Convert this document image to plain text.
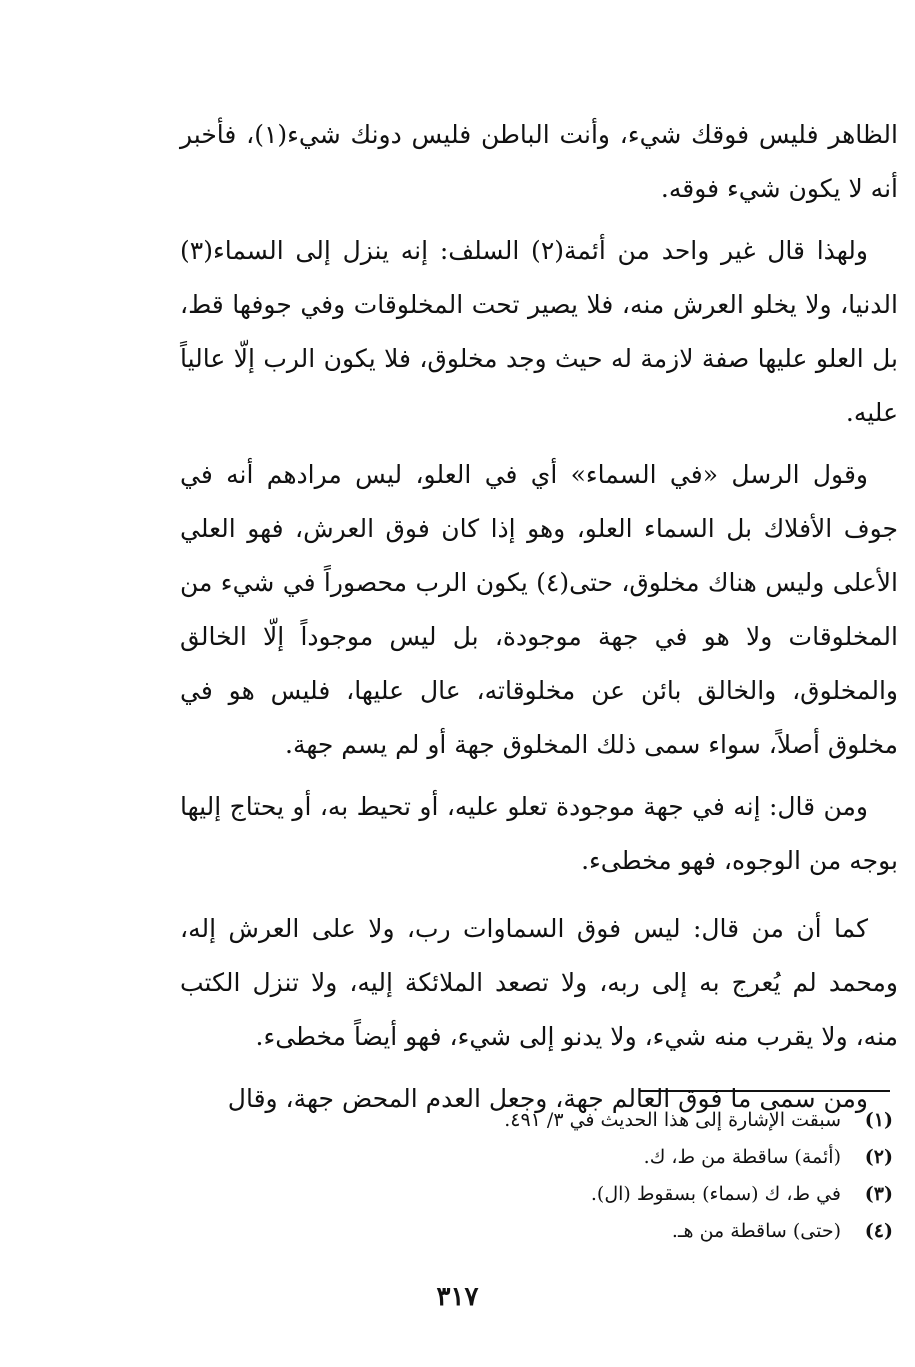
الظاهر فليس فوقك شيء، وأنت الباطن فليس دونك شيء(١)، فأخبر أنه لا يكون شيء فوقه.

ولهذا قال غير واحد من أئمة(٢) السلف: إنه ينزل إلى السماء(٣) الدنيا، ولا يخلو العرش منه، فلا يصير تحت المخلوقات وفي جوفها قط، بل العلو عليها صفة لازمة له حيث وجد مخلوق، فلا يكون الرب إلّا عالياً عليه.

وقول الرسل «في السماء» أي في العلو، ليس مرادهم أنه في جوف الأفلاك بل السماء العلو، وهو إذا كان فوق العرش، فهو العلي الأعلى وليس هناك مخلوق، حتى(٤) يكون الرب محصوراً في شيء من المخلوقات ولا هو في جهة موجودة، بل ليس موجوداً إلّا الخالق والمخلوق، والخالق بائن عن مخلوقاته، عال عليها، فليس هو في مخلوق أصلاً، سواء سمى ذلك المخلوق جهة أو لم يسم جهة.

ومن قال: إنه في جهة موجودة تعلو عليه، أو تحيط به، أو يحتاج إليها بوجه من الوجوه، فهو مخطىء.

كما أن من قال: ليس فوق السماوات رب، ولا على العرش إله، ومحمد لم يُعرج به إلى ربه، ولا تصعد الملائكة إليه، ولا تنزل الكتب منه، ولا يقرب منه شيء، ولا يدنو إلى شيء، فهو أيضاً مخطىء.

ومن سمى ما فوق العالم جهة، وجعل العدم المحض جهة، وقال

(١)
سبقت الإشارة إلى هذا الحديث في ٣/ ٤٩١.
(٢)
(أئمة) ساقطة من ط، ك.
(٣)
في ط، ك (سماء) بسقوط (ال).
(٤)
(حتى) ساقطة من هـ.
٣١٧
